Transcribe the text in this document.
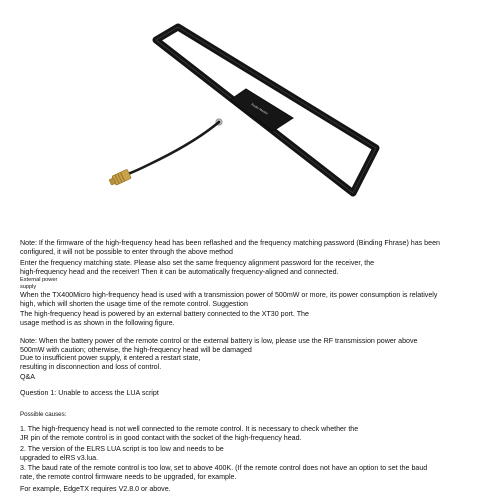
Radio Master

Note: If the firmware of the high-frequency head has been reflashed and the frequency matching password (Binding Fhrase) has been
configured, it will not be possible to enter through the above method

Enter the frequency matching state. Please also set the same frequency alignment password for the receiver, the
high-frequency head and the receiver! Then it can be automatically frequency-aligned and connected.

External power
supply

When the TX400Micro high-frequency head is used with a transmission power of 500mW or more, its power consumption is relatively
high, which will shorten the usage time of the remote control. Suggestion

The high-frequency head is powered by an external battery connected to the XT30 port. The
usage method is as shown in the following figure.

Note: When the battery power of the remote control or the external battery is low, please use the RF transmission power above
500mW with caution; otherwise, the high-frequency head will be damaged
Due to insufficient power supply, it entered a restart state,
resulting in disconnection and loss of control.

Q&A

Question 1: Unable to access the LUA script

Possible causes:

1. The high-frequency head is not well connected to the remote control. It is necessary to check whether the
JR pin of the remote control is in good contact with the socket of the high-frequency head.

2. The version of the ELRS LUA script is too low and needs to be
upgraded to elRS v3.lua.

3. The baud rate of the remote control is too low, set to above 400K. (If the remote control does not have an option to set the baud
rate, the remote control firmware needs to be upgraded, for example.

For example, EdgeTX requires V2.8.0 or above.
